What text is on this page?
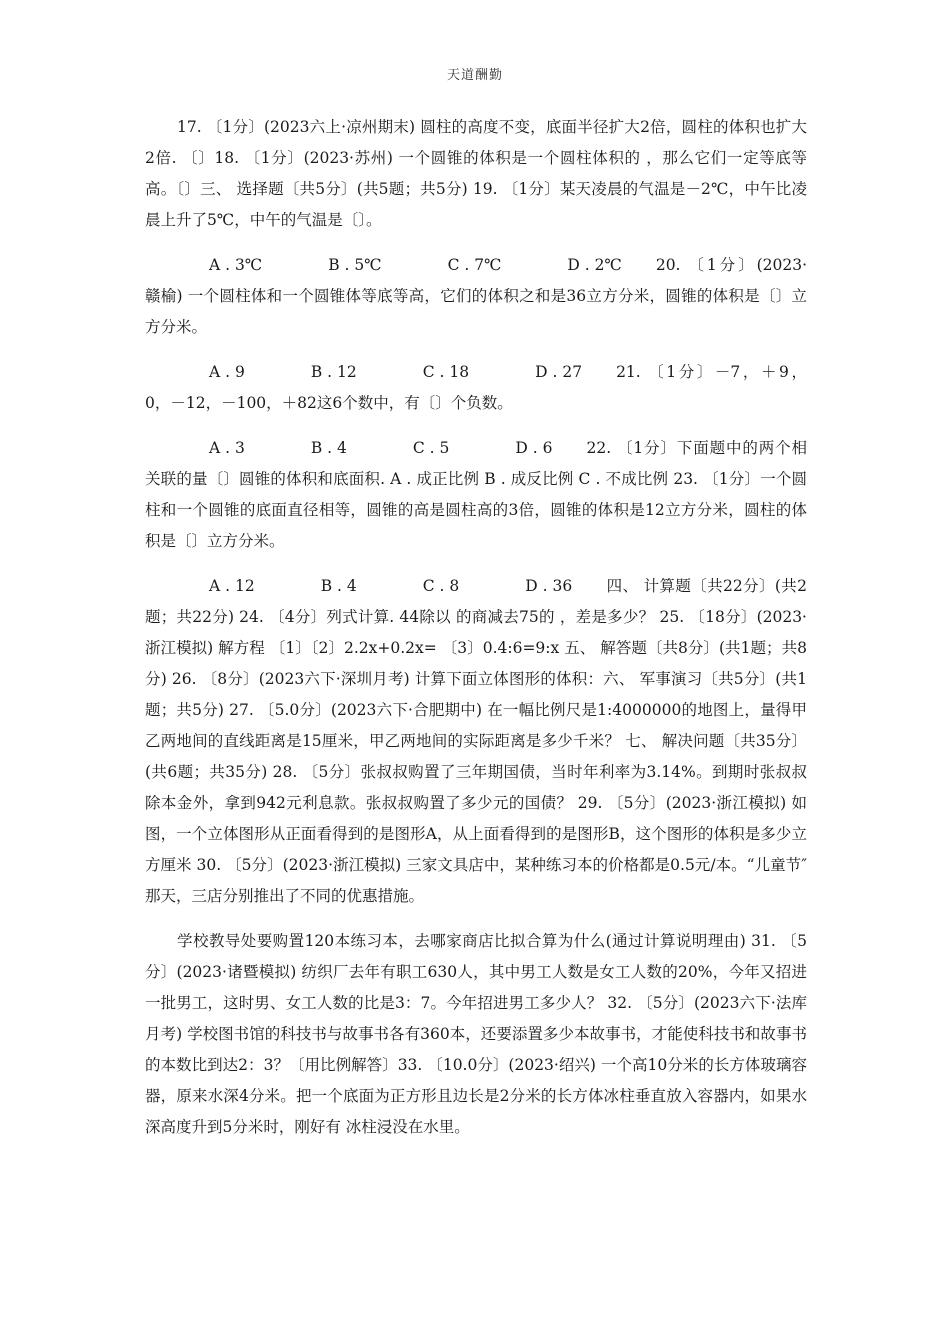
天道酬勤

17. 〔1分〕(2023六上·凉州期末) 圆柱的高度不变，底面半径扩大2倍，圆柱的体积也扩大2倍. 〔〕18. 〔1分〕(2023·苏州) 一个圆锥的体积是一个圆柱体积的 ，那么它们一定等底等高。〔〕三、 选择题〔共5分〕(共5题；共5分) 19. 〔1分〕某天凌晨的气温是－2℃，中午比凌晨上升了5℃，中午的气温是〔〕。

A . 3℃	B . 5℃	C . 7℃	D . 2℃ 20. 〔1分〕(2023·赣榆) 一个圆柱体和一个圆锥体等底等高，它们的体积之和是36立方分米，圆锥的体积是〔〕立方分米。

A . 9	B . 12	C . 18	D . 27 21. 〔1分〕－7，＋9， 0，－12，－100，＋82这6个数中，有〔〕个负数。

A . 3	B . 4	C . 5	D . 6 22. 〔1分〕下面题中的两个相关联的量〔〕圆锥的体积和底面积. A . 成正比例 B . 成反比例 C . 不成比例 23. 〔1分〕一个圆柱和一个圆锥的底面直径相等，圆锥的高是圆柱高的3倍，圆锥的体积是12立方分米，圆柱的体积是〔〕立方分米。

A . 12	B . 4	C . 8	D . 36 四、 计算题〔共22分〕(共2题；共22分) 24. 〔4分〕列式计算. 44除以 的商减去75的 ，差是多少？ 25. 〔18分〕(2023·浙江模拟) 解方程 〔1〕〔2〕2.2x+0.2x= 〔3〕0.4:6=9:x 五、 解答题〔共8分〕(共1题；共8分) 26. 〔8分〕(2023六下·深圳月考) 计算下面立体图形的体积：六、 军事演习〔共5分〕(共1题；共5分) 27. 〔5.0分〕(2023六下·合肥期中) 在一幅比例尺是1:4000000的地图上，量得甲乙两地间的直线距离是15厘米，甲乙两地间的实际距离是多少千米？ 七、 解决问题〔共35分〕(共6题；共35分) 28. 〔5分〕张叔叔购置了三年期国债，当时年利率为3.14%。到期时张叔叔除本金外，拿到942元利息款。张叔叔购置了多少元的国债？ 29. 〔5分〕(2023·浙江模拟) 如图，一个立体图形从正面看得到的是图形A，从上面看得到的是图形B，这个图形的体积是多少立方厘米 30. 〔5分〕(2023·浙江模拟) 三家文具店中，某种练习本的价格都是0.5元/本。“儿童节″那天，三店分别推出了不同的优惠措施。

学校教导处要购置120本练习本，去哪家商店比拟合算为什么(通过计算说明理由) 31. 〔5分〕(2023·诸暨模拟) 纺织厂去年有职工630人，其中男工人数是女工人数的20%，今年又招进一批男工，这时男、女工人数的比是3：7。今年招进男工多少人？ 32. 〔5分〕(2023六下·法库月考) 学校图书馆的科技书与故事书各有360本，还要添置多少本故事书，才能使科技书和故事书的本数比到达2：3？〔用比例解答〕33. 〔10.0分〕(2023·绍兴) 一个高10分米的长方体玻璃容器，原来水深4分米。把一个底面为正方形且边长是2分米的长方体冰柱垂直放入容器内，如果水深高度升到5分米时，刚好有 冰柱浸没在水里。
